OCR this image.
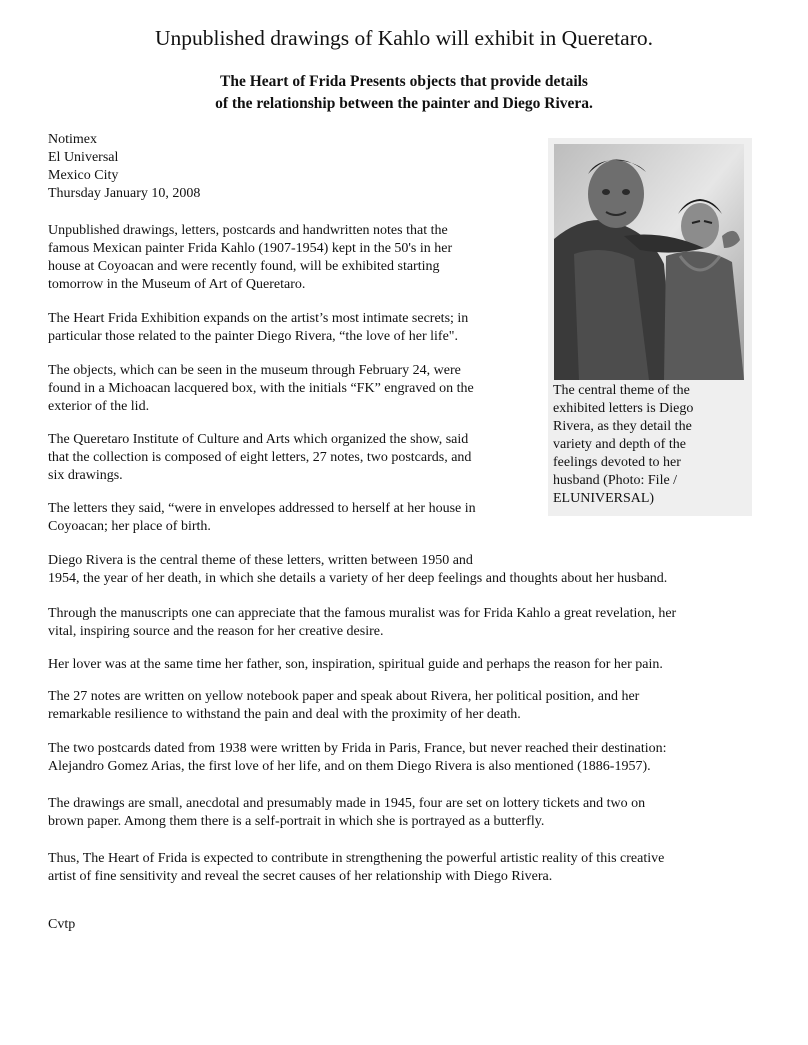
Unpublished drawings of Kahlo will exhibit in Queretaro.
The Heart of Frida Presents objects that provide details
of the relationship between the painter and Diego Rivera.
Notimex
El Universal
Mexico City
Thursday January 10, 2008
The central theme of the
exhibited letters is Diego
Rivera, as they detail the
variety and depth of the
feelings devoted to her
husband (Photo: File /
ELUNIVERSAL)
Unpublished drawings, letters, postcards and handwritten notes that the
famous Mexican painter Frida Kahlo (1907-1954) kept in the 50's in her
house at Coyoacan and were recently found, will be exhibited starting
tomorrow in the Museum of Art of Queretaro.
The Heart Frida Exhibition expands on the artist’s most intimate secrets; in
particular those related to the painter Diego Rivera, “the love of her life".
The objects, which can be seen in the museum through February 24, were
found in a Michoacan lacquered box, with the initials “FK” engraved on the
exterior of the lid.
The Queretaro Institute of Culture and Arts which organized the show, said
that the collection is composed of eight letters, 27 notes, two postcards, and
six drawings.
The letters they said, “were in envelopes addressed to herself at her house in
Coyoacan; her place of birth.
Diego Rivera is the central theme of these letters, written between 1950 and
1954, the year of her death, in which she details a variety of her deep feelings and thoughts about her husband.
Through the manuscripts one can appreciate that the famous muralist was for Frida Kahlo a great revelation, her
vital, inspiring source and the reason for her creative desire.
Her lover was at the same time her father, son, inspiration, spiritual guide and perhaps the reason for her pain.
The 27 notes are written on yellow notebook paper and speak about Rivera, her political position, and her
remarkable resilience to withstand the pain and deal with the proximity of her death.
The two postcards dated from 1938 were written by Frida in Paris, France, but never reached their destination:
Alejandro Gomez Arias, the first love of her life, and on them Diego Rivera is also mentioned (1886-1957).
The drawings are small, anecdotal and presumably made in 1945, four are set on lottery tickets and two on
brown paper. Among them there is a self-portrait in which she is portrayed as a butterfly.
Thus, The Heart of Frida is expected to contribute in strengthening the powerful artistic reality of this creative
artist of fine sensitivity and reveal the secret causes of her relationship with Diego Rivera.
Cvtp
